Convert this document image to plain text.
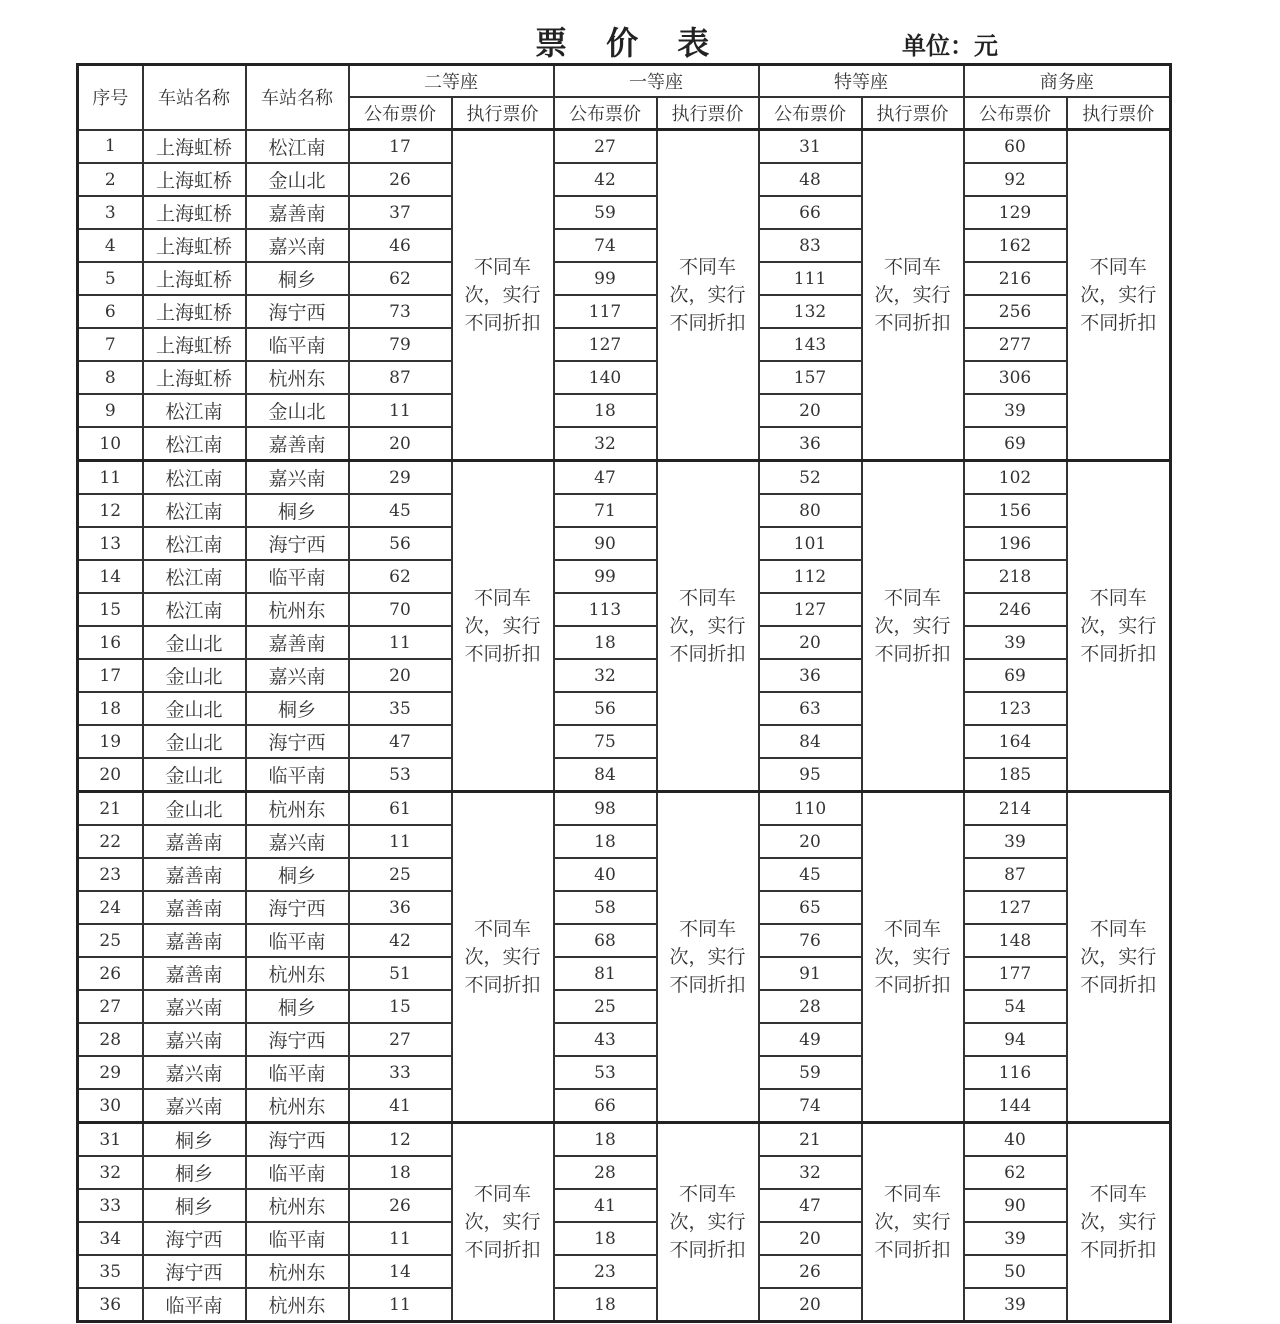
票 价 表	单位：元
序号	车站名称	车站名称	二等座		一等座		特等座		商务座	
			公布票价	执行票价	公布票价	执行票价	公布票价	执行票价	公布票价	执行票价
1	上海虹桥	松江南	17	不同车次，实行不同折扣	27	不同车次，实行不同折扣	31	不同车次，实行不同折扣	60	不同车次，实行不同折扣
2	上海虹桥	金山北	26		42		48		92	
3	上海虹桥	嘉善南	37		59		66		129	
4	上海虹桥	嘉兴南	46		74		83		162	
5	上海虹桥	桐乡	62		99		111		216	
6	上海虹桥	海宁西	73		117		132		256	
7	上海虹桥	临平南	79		127		143		277	
8	上海虹桥	杭州东	87		140		157		306	
9	松江南	金山北	11		18		20		39	
10	松江南	嘉善南	20		32		36		69	
11	松江南	嘉兴南	29	不同车次，实行不同折扣	47	不同车次，实行不同折扣	52	不同车次，实行不同折扣	102	不同车次，实行不同折扣
12	松江南	桐乡	45		71		80		156	
13	松江南	海宁西	56		90		101		196	
14	松江南	临平南	62		99		112		218	
15	松江南	杭州东	70		113		127		246	
16	金山北	嘉善南	11		18		20		39	
17	金山北	嘉兴南	20		32		36		69	
18	金山北	桐乡	35		56		63		123	
19	金山北	海宁西	47		75		84		164	
20	金山北	临平南	53		84		95		185	
21	金山北	杭州东	61	不同车次，实行不同折扣	98	不同车次，实行不同折扣	110	不同车次，实行不同折扣	214	不同车次，实行不同折扣
22	嘉善南	嘉兴南	11		18		20		39	
23	嘉善南	桐乡	25		40		45		87	
24	嘉善南	海宁西	36		58		65		127	
25	嘉善南	临平南	42		68		76		148	
26	嘉善南	杭州东	51		81		91		177	
27	嘉兴南	桐乡	15		25		28		54	
28	嘉兴南	海宁西	27		43		49		94	
29	嘉兴南	临平南	33		53		59		116	
30	嘉兴南	杭州东	41		66		74		144	
31	桐乡	海宁西	12	不同车次，实行不同折扣	18	不同车次，实行不同折扣	21	不同车次，实行不同折扣	40	不同车次，实行不同折扣
32	桐乡	临平南	18		28		32		62	
33	桐乡	杭州东	26		41		47		90	
34	海宁西	临平南	11		18		20		39	
35	海宁西	杭州东	14		23		26		50	
36	临平南	杭州东	11		18		20		39	
